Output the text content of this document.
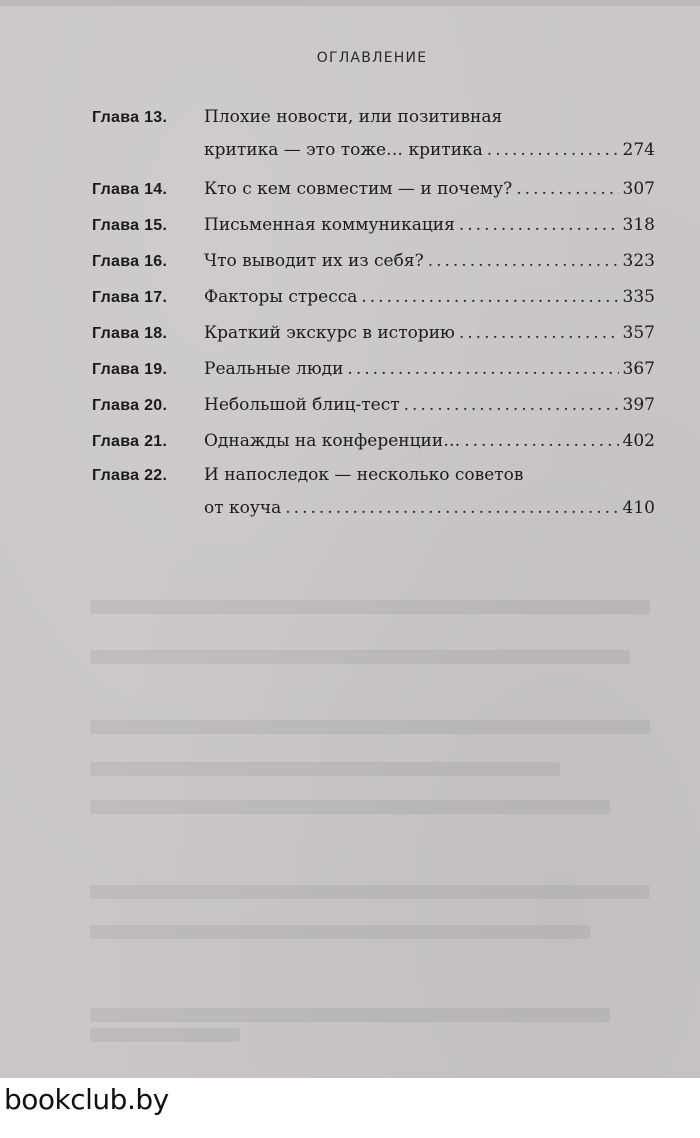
ОГЛАВЛЕНИЕ
Глава 13.	Плохие новости, или позитивная
критика — это тоже… критика .....	274
Глава 14.	Кто с кем совместим — и почему? .....	307
Глава 15.	Письменная коммуникация .....	318
Глава 16.	Что выводит их из себя? .....	323
Глава 17.	Факторы стресса .....	335
Глава 18.	Краткий экскурс в историю .....	357
Глава 19.	Реальные люди .....	367
Глава 20.	Небольшой блиц-тест .....	397
Глава 21.	Однажды на конференции… .....	402
Глава 22.	И напоследок — несколько советов
от коуча .....	410
bookclub.by
